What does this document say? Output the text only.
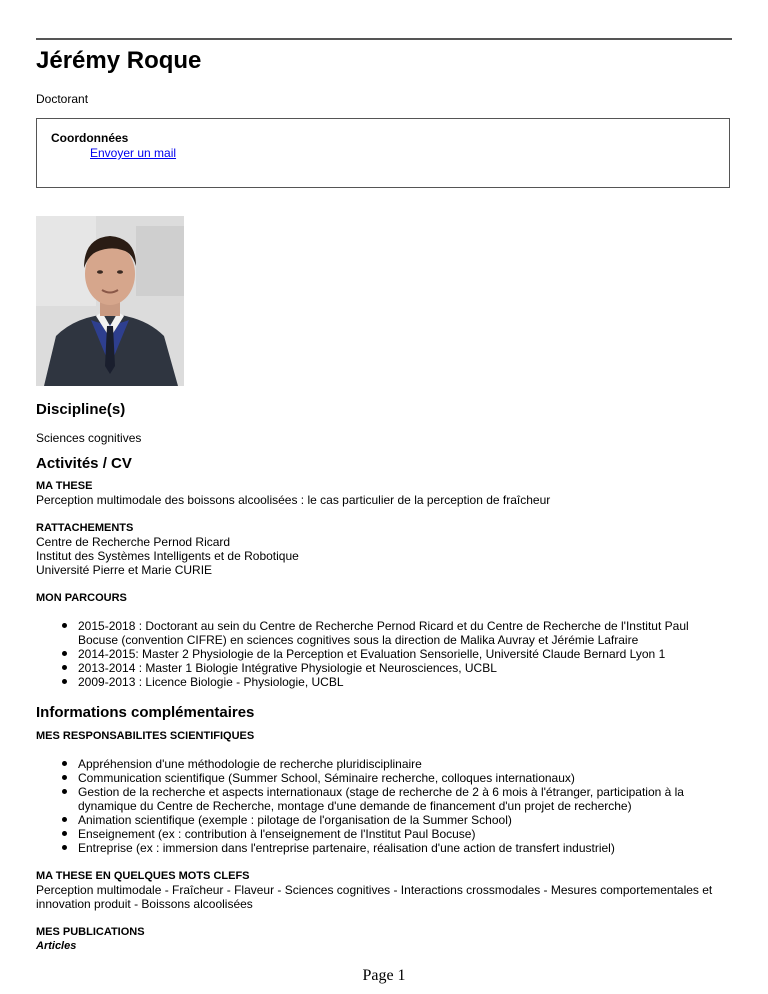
Jérémy Roque
Doctorant
Coordonnées
Envoyer un mail
Discipline(s)
Sciences cognitives
Activités / CV
MA THESE
Perception multimodale des boissons alcoolisées : le cas particulier de la perception de fraîcheur
RATTACHEMENTS
Centre de Recherche Pernod Ricard
Institut des Systèmes Intelligents et de Robotique
Université Pierre et Marie CURIE
MON PARCOURS
2015-2018 : Doctorant au sein du Centre de Recherche Pernod Ricard et du Centre de Recherche de l'Institut Paul Bocuse (convention CIFRE) en sciences cognitives sous la direction de Malika Auvray et Jérémie Lafraire
2014-2015: Master 2 Physiologie de la Perception et Evaluation Sensorielle, Université Claude Bernard Lyon 1
2013-2014 : Master 1 Biologie Intégrative Physiologie et Neurosciences, UCBL
2009-2013 : Licence Biologie - Physiologie, UCBL
Informations complémentaires
MES RESPONSABILITES SCIENTIFIQUES
Appréhension d'une méthodologie de recherche pluridisciplinaire
Communication scientifique (Summer School, Séminaire recherche, colloques internationaux)
Gestion de la recherche et aspects internationaux (stage de recherche de 2 à 6 mois à l'étranger, participation à la dynamique du Centre de Recherche, montage d'une demande de financement d'un projet de recherche)
Animation scientifique (exemple : pilotage de l'organisation de la Summer School)
Enseignement (ex : contribution à l'enseignement de l'Institut Paul Bocuse)
Entreprise (ex : immersion dans l'entreprise partenaire, réalisation d'une action de transfert industriel)
MA THESE EN QUELQUES MOTS CLEFS
Perception multimodale - Fraîcheur - Flaveur - Sciences cognitives - Interactions crossmodales - Mesures comportementales et innovation produit - Boissons alcoolisées
MES PUBLICATIONS
Articles
Page 1
